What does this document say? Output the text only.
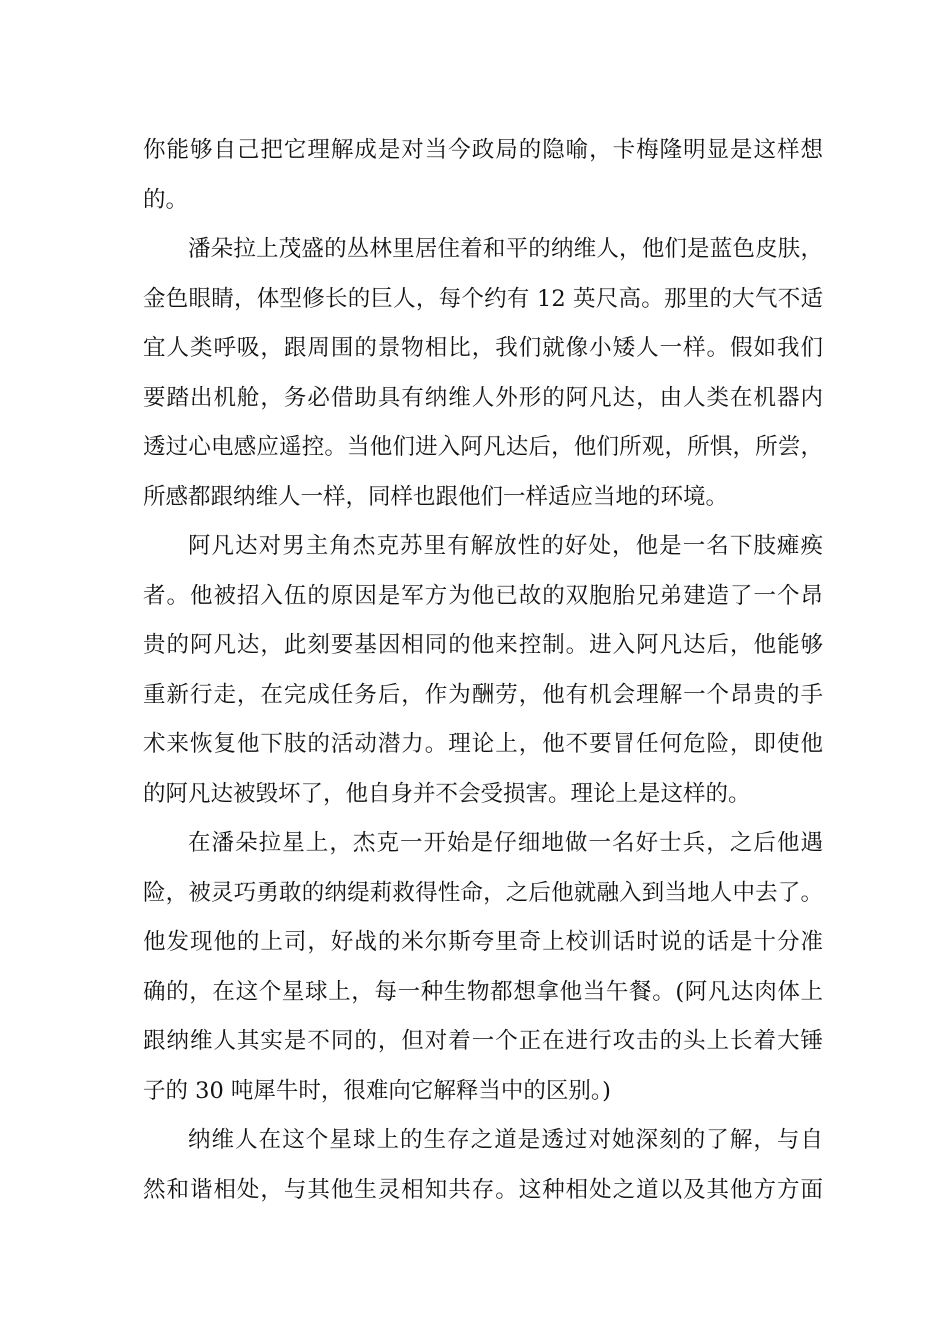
你能够自己把它理解成是对当今政局的隐喻，卡梅隆明显是这样想
的。
潘朵拉上茂盛的丛林里居住着和平的纳维人，他们是蓝色皮肤，
金色眼睛，体型修长的巨人，每个约有 12 英尺高。那里的大气不适
宜人类呼吸，跟周围的景物相比，我们就像小矮人一样。假如我们
要踏出机舱，务必借助具有纳维人外形的阿凡达，由人类在机器内
透过心电感应遥控。当他们进入阿凡达后，他们所观，所惧，所尝，
所感都跟纳维人一样，同样也跟他们一样适应当地的环境。
阿凡达对男主角杰克苏里有解放性的好处，他是一名下肢瘫痪
者。他被招入伍的原因是军方为他已故的双胞胎兄弟建造了一个昂
贵的阿凡达，此刻要基因相同的他来控制。进入阿凡达后，他能够
重新行走，在完成任务后，作为酬劳，他有机会理解一个昂贵的手
术来恢复他下肢的活动潜力。理论上，他不要冒任何危险，即使他
的阿凡达被毁坏了，他自身并不会受损害。理论上是这样的。
在潘朵拉星上，杰克一开始是仔细地做一名好士兵，之后他遇
险，被灵巧勇敢的纳缇莉救得性命，之后他就融入到当地人中去了。
他发现他的上司，好战的米尔斯夸里奇上校训话时说的话是十分准
确的，在这个星球上，每一种生物都想拿他当午餐。(阿凡达肉体上
跟纳维人其实是不同的，但对着一个正在进行攻击的头上长着大锤
子的 30 吨犀牛时，很难向它解释当中的区别。)
纳维人在这个星球上的生存之道是透过对她深刻的了解，与自
然和谐相处，与其他生灵相知共存。这种相处之道以及其他方方面
